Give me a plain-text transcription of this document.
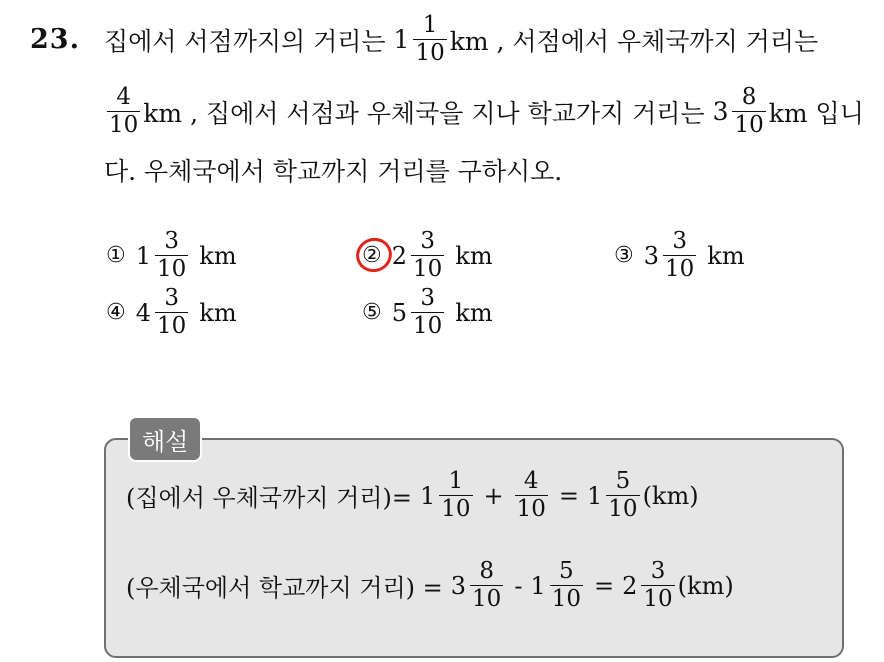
23. 집에서 서점까지의 거리는 $1 \frac{1}{10}$ km , 서점에서 우체국까지 거리는
$\frac{4}{10}$ km , 집에서 서점과 우체국을 지나 학교가지 거리는 $3 \frac{8}{10}$ km 입니
다. 우체국에서 학교까지 거리를 구하시오.
① $1 \frac{3}{10}$ km	② $2 \frac{3}{10}$ km	③ $3 \frac{3}{10}$ km
④ $4 \frac{3}{10}$ km	⑤ $5 \frac{3}{10}$ km
해설
(집에서 우체국까지 거리)= $1 \frac{1}{10} + \frac{4}{10} = 1 \frac{5}{10} (km)$
(우체국에서 학교까지 거리) = $3 \frac{8}{10} - 1 \frac{5}{10} = 2 \frac{3}{10} (km)$
